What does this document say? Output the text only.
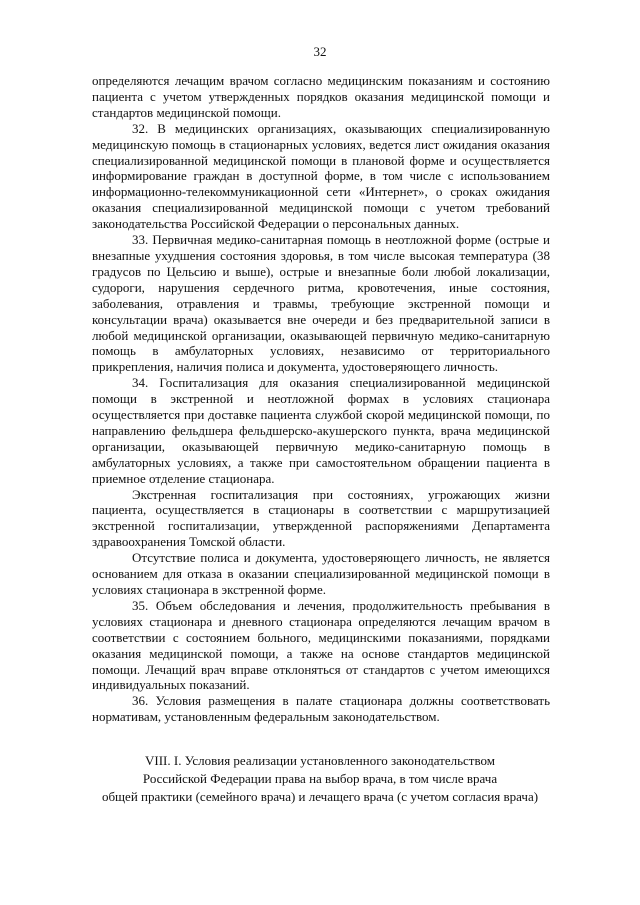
32

определяются лечащим врачом согласно медицинским показаниям и состоянию пациента с учетом утвержденных порядков оказания медицинской помощи и стандартов медицинской помощи.

32. В медицинских организациях, оказывающих специализированную медицинскую помощь в стационарных условиях, ведется лист ожидания оказания специализированной медицинской помощи в плановой форме и осуществляется информирование граждан в доступной форме, в том числе с использованием информационно-телекоммуникационной сети «Интернет», о сроках ожидания оказания специализированной медицинской помощи с учетом требований законодательства Российской Федерации о персональных данных.

33. Первичная медико-санитарная помощь в неотложной форме (острые и внезапные ухудшения состояния здоровья, в том числе высокая температура (38 градусов по Цельсию и выше), острые и внезапные боли любой локализации, судороги, нарушения сердечного ритма, кровотечения, иные состояния, заболевания, отравления и травмы, требующие экстренной помощи и консультации врача) оказывается вне очереди и без предварительной записи в любой медицинской организации, оказывающей первичную медико-санитарную помощь в амбулаторных условиях, независимо от территориального прикрепления, наличия полиса и документа, удостоверяющего личность.

34. Госпитализация для оказания специализированной медицинской помощи в экстренной и неотложной формах в условиях стационара осуществляется при доставке пациента службой скорой медицинской помощи, по направлению фельдшера фельдшерско-акушерского пункта, врача медицинской организации, оказывающей первичную медико-санитарную помощь в амбулаторных условиях, а также при самостоятельном обращении пациента в приемное отделение стационара.

Экстренная госпитализация при состояниях, угрожающих жизни пациента, осуществляется в стационары в соответствии с маршрутизацией экстренной госпитализации, утвержденной распоряжениями Департамента здравоохранения Томской области.

Отсутствие полиса и документа, удостоверяющего личность, не является основанием для отказа в оказании специализированной медицинской помощи в условиях стационара в экстренной форме.

35. Объем обследования и лечения, продолжительность пребывания в условиях стационара и дневного стационара определяются лечащим врачом в соответствии с состоянием больного, медицинскими показаниями, порядками оказания медицинской помощи, а также на основе стандартов медицинской помощи. Лечащий врач вправе отклоняться от стандартов с учетом имеющихся индивидуальных показаний.

36. Условия размещения в палате стационара должны соответствовать нормативам, установленным федеральным законодательством.

VIII. I. Условия реализации установленного законодательством
Российской Федерации права на выбор врача, в том числе врача
общей практики (семейного врача) и лечащего врача (с учетом согласия врача)
